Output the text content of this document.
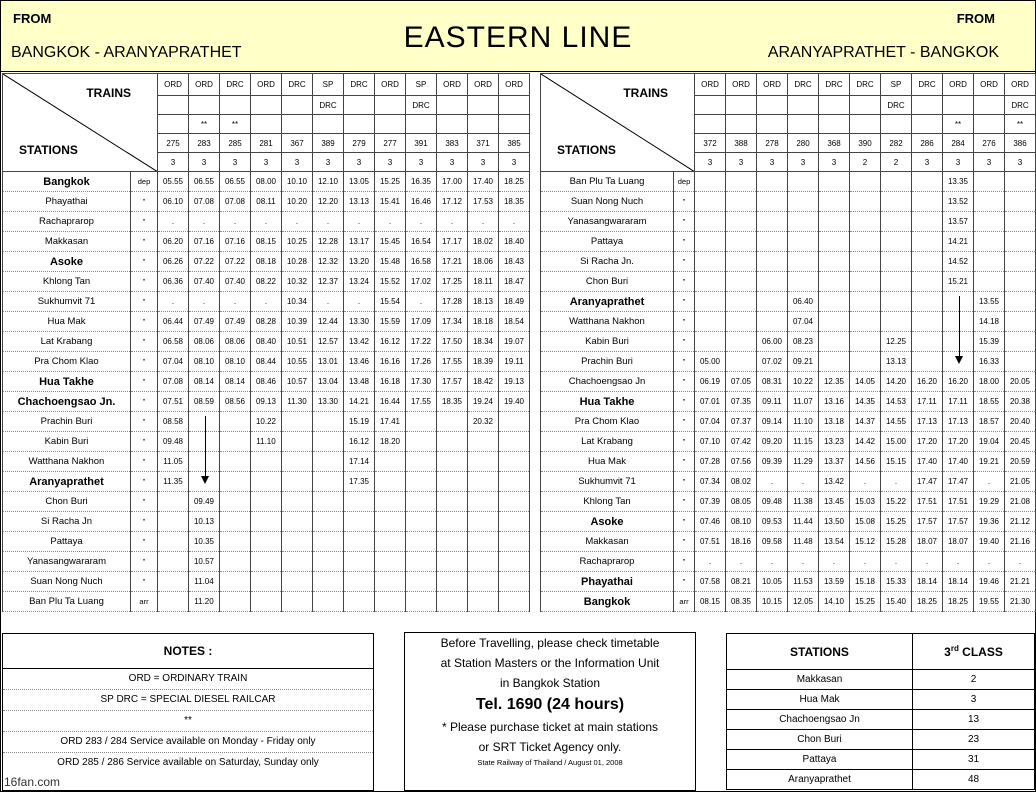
FROM
BANGKOK - ARANYAPRATHET	EASTERN LINE
FROM
ARANYAPRATHET - BANGKOK
TRAINS
STATIONS		ORD	ORD	DRC	ORD	DRC	SP	DRC	ORD	SP	ORD	ORD	ORD
							DRC			DRC			
			**	**									
		275	283	285	281	367	389	279	277	391	383	371	385
		3	3	3	3	3	3	3	3	3	3	3	3
Bangkok	dep	05.55	06.55	06.55	08.00	10.10	12.10	13.05	15.25	16.35	17.00	17.40	18.25
Phayathai	"	06.10	07.08	07.08	08.11	10.20	12.20	13.13	15.41	16.46	17.12	17.53	18.35
Rachaprarop	"	.	.	.	.	.	.	.	.	.	.	.	.
Makkasan	"	06.20	07.16	07.16	08.15	10.25	12.28	13.17	15.45	16.54	17.17	18.02	18.40
Asoke	"	06.26	07.22	07.22	08.18	10.28	12.32	13.20	15.48	16.58	17.21	18.06	18.43
Khlong Tan	"	06.36	07.40	07.40	08.22	10.32	12.37	13.24	15.52	17.02	17.25	18.11	18.47
Sukhumvit 71	"	.	.	.	.	10.34	.	.	15.54	.	17.28	18.13	18.49
Hua Mak	"	06.44	07.49	07.49	08.28	10.39	12.44	13.30	15.59	17.09	17.34	18.18	18.54
Lat Krabang	"	06.58	08.06	08.06	08.40	10.51	12.57	13.42	16.12	17.22	17.50	18.34	19.07
Pra Chom Klao	"	07.04	08.10	08.10	08.44	10.55	13.01	13.46	16.16	17.26	17.55	18.39	19.11
Hua Takhe	"	07.08	08.14	08.14	08.46	10.57	13.04	13.48	16.18	17.30	17.57	18.42	19.13
Chachoengsao Jn.	"	07.51	08.59	08.56	09.13	11.30	13.30	14.21	16.44	17.55	18.35	19.24	19.40
Prachin Buri	"	08.58			10.22			15.19	17.41			20.32	
Kabin Buri	"	09.48			11.10			16.12	18.20				
Watthana Nakhon	"	11.05						17.14					
Aranyaprathet	"	11.35						17.35					
Chon Buri	"		09.49										
Si Racha Jn	"		10.13										
Pattaya	"		10.35										
Yanasangwararam	"		10.57										
Suan Nong Nuch	"		11.04										
Ban Plu Ta Luang	arr		11.20										
TRAINS
STATIONS		ORD	ORD	ORD	DRC	DRC	DRC	SP	DRC	ORD	ORD	ORD
								DRC				DRC
										**		**
		372	388	278	280	368	390	282	286	284	276	386
		3	3	3	3	3	2	2	3	3	3	3
Ban Plu Ta Luang	dep									13.35		
Suan Nong Nuch	"									13.52		
Yanasangwararam	"									13.57		
Pattaya	"									14.21		
Si Racha Jn.	"									14.52		
Chon Buri	"									15.21		
Aranyaprathet	"				06.40						13.55	
Watthana Nakhon	"				07.04						14.18	
Kabin Buri	"			06.00	08.23			12.25			15.39	
Prachin Buri	"	05.00		07.02	09.21			13.13			16.33	
Chachoengsao Jn	"	06.19	07.05	08.31	10.22	12.35	14.05	14.20	16.20	16.20	18.00	20.05
Hua Takhe	"	07.01	07.35	09.11	11.07	13.16	14.35	14.53	17.11	17.11	18.55	20.38
Pra Chom Klao	"	07.04	07.37	09.14	11.10	13.18	14.37	14.55	17.13	17.13	18.57	20.40
Lat Krabang	"	07.10	07.42	09.20	11.15	13.23	14.42	15.00	17.20	17.20	19.04	20.45
Hua Mak	"	07.28	07.56	09.39	11.29	13.37	14.56	15.15	17.40	17.40	19.21	20.59
Sukhumvit 71	"	07.34	08.02	.	.	13.42	.	.	17.47	17.47	.	21.05
Khlong Tan	"	07.39	08.05	09.48	11.38	13.45	15.03	15.22	17.51	17.51	19.29	21.08
Asoke	"	07.46	08.10	09.53	11.44	13.50	15.08	15.25	17.57	17.57	19.36	21.12
Makkasan	"	07.51	18.16	09.58	11.48	13.54	15.12	15.28	18.07	18.07	19.40	21.16
Rachaprarop	"	.	.	.	.	.	.	.	.	.	.	.
Phayathai	"	07.58	08.21	10.05	11.53	13.59	15.18	15.33	18.14	18.14	19.46	21.21
Bangkok	arr	08.15	08.35	10.15	12.05	14.10	15.25	15.40	18.25	18.25	19.55	21.30
NOTES :
ORD = ORDINARY TRAIN
SP DRC = SPECIAL DIESEL RAILCAR
**
ORD 283 / 284 Service available on Monday - Friday only
ORD 285 / 286 Service available on Saturday, Sunday only
Before Travelling, please check timetable
at Station Masters or the Information Unit
in Bangkok Station
Tel. 1690 (24 hours)
* Please purchase ticket at main stations
or SRT Ticket Agency only.
State Railway of Thailand / August 01, 2008
STATIONS	3rd CLASS
Makkasan	2
Hua Mak	3
Chachoengsao Jn	13
Chon Buri	23
Pattaya	31
Aranyaprathet	48
16fan.com
